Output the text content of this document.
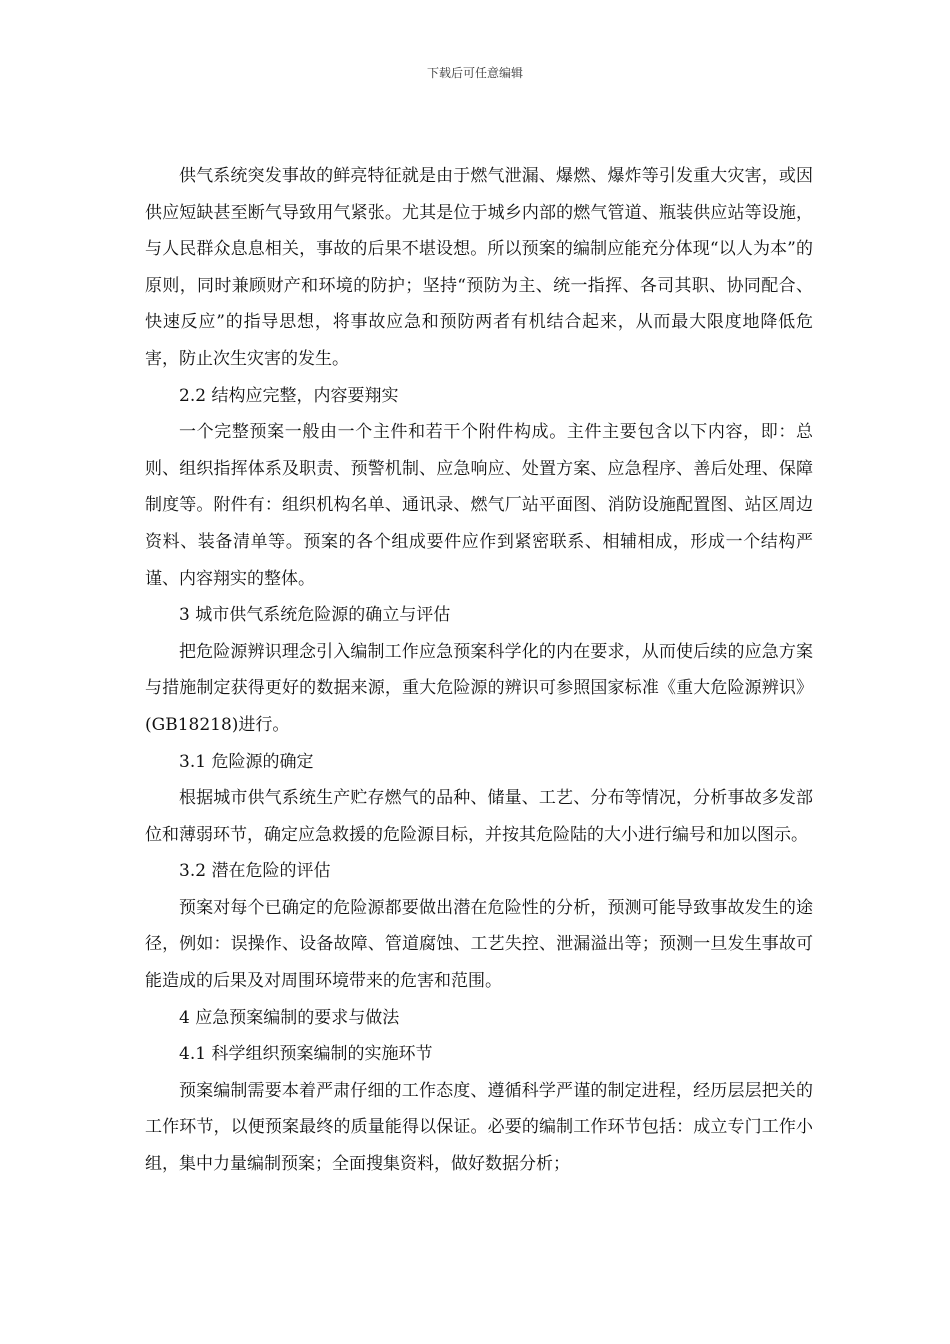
下载后可任意编辑

供气系统突发事故的鲜亮特征就是由于燃气泄漏、爆燃、爆炸等引发重大灾害，或因供应短缺甚至断气导致用气紧张。尤其是位于城乡内部的燃气管道、瓶装供应站等设施，与人民群众息息相关，事故的后果不堪设想。所以预案的编制应能充分体现“以人为本”的原则，同时兼顾财产和环境的防护；坚持“预防为主、统一指挥、各司其职、协同配合、快速反应”的指导思想，将事故应急和预防两者有机结合起来，从而最大限度地降低危害，防止次生灾害的发生。

2.2 结构应完整，内容要翔实

一个完整预案一般由一个主件和若干个附件构成。主件主要包含以下内容，即：总则、组织指挥体系及职责、预警机制、应急响应、处置方案、应急程序、善后处理、保障制度等。附件有：组织机构名单、通讯录、燃气厂站平面图、消防设施配置图、站区周边资料、装备清单等。预案的各个组成要件应作到紧密联系、相辅相成，形成一个结构严谨、内容翔实的整体。

3 城市供气系统危险源的确立与评估

把危险源辨识理念引入编制工作应急预案科学化的内在要求，从而使后续的应急方案与措施制定获得更好的数据来源，重大危险源的辨识可参照国家标准《重大危险源辨识》(GB18218)进行。

3.1 危险源的确定

根据城市供气系统生产贮存燃气的品种、储量、工艺、分布等情况，分析事故多发部位和薄弱环节，确定应急救援的危险源目标，并按其危险陆的大小进行编号和加以图示。

3.2 潜在危险的评估

预案对每个已确定的危险源都要做出潜在危险性的分析，预测可能导致事故发生的途径，例如：误操作、设备故障、管道腐蚀、工艺失控、泄漏溢出等；预测一旦发生事故可能造成的后果及对周围环境带来的危害和范围。

4 应急预案编制的要求与做法

4.1 科学组织预案编制的实施环节

预案编制需要本着严肃仔细的工作态度、遵循科学严谨的制定进程，经历层层把关的工作环节，以便预案最终的质量能得以保证。必要的编制工作环节包括：成立专门工作小组，集中力量编制预案；全面搜集资料，做好数据分析；
